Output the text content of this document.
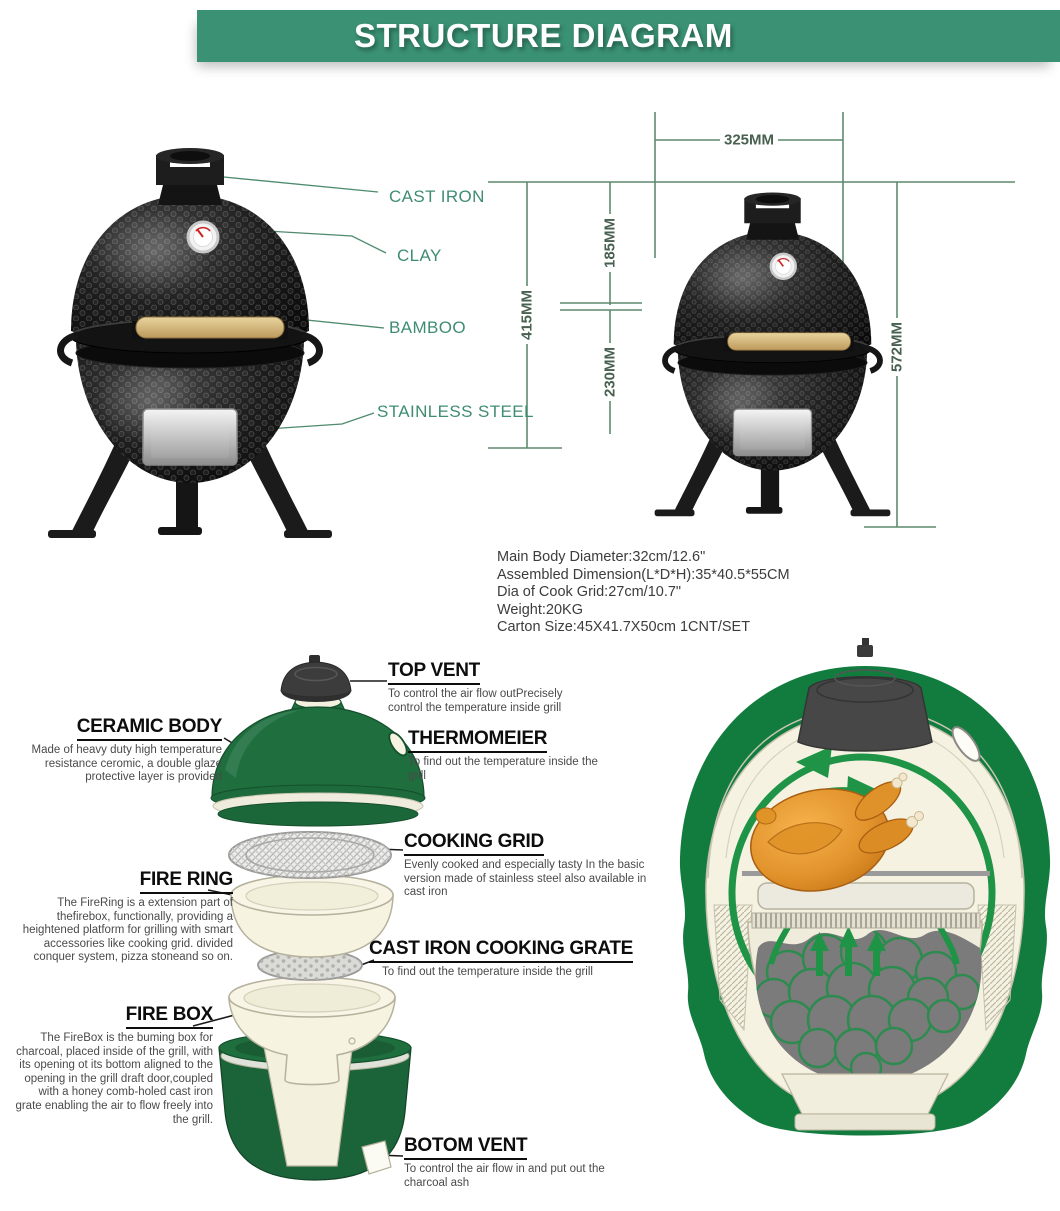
STRUCTURE DIAGRAM
CAST IRON
CLAY
BAMBOO
STAINLESS STEEL
325MM
415MM
185MM
230MM	572MM
Main Body Diameter:32cm/12.6"
Assembled Dimension(L*D*H):35*40.5*55CM
Dia of Cook Grid:27cm/10.7"
Weight:20KG
Carton Size:45X41.7X50cm 1CNT/SET
TOP VENT
To control the air flow outPrecisely control the temperature inside grill
CERAMIC BODY
Made of heavy duty high temperature resistance ceromic, a double glaze protective layer is provided
THERMOMEIER
To find out the temperature inside the grill
COOKING GRID
Evenly cooked and especially tasty In the basic version made of stainless steel also available in cast iron
FIRE RING
The FireRing is a extension part of thefirebox, functionally, providing a heightened platform for grilling with smart accessories like cooking grid. divided conquer system, pizza stoneand so on.	CAST IRON COOKING GRATE
To find out the temperature inside the grill
FIRE BOX
The FireBox is the buming box for charcoal, placed inside of the grill, with its opening ot its bottom aligned to the opening in the grill draft door,coupled with a honey comb-holed cast iron grate enabling the air to flow freely into the grill.
BOTOM VENT
To control the air flow in and put out the charcoal ash
